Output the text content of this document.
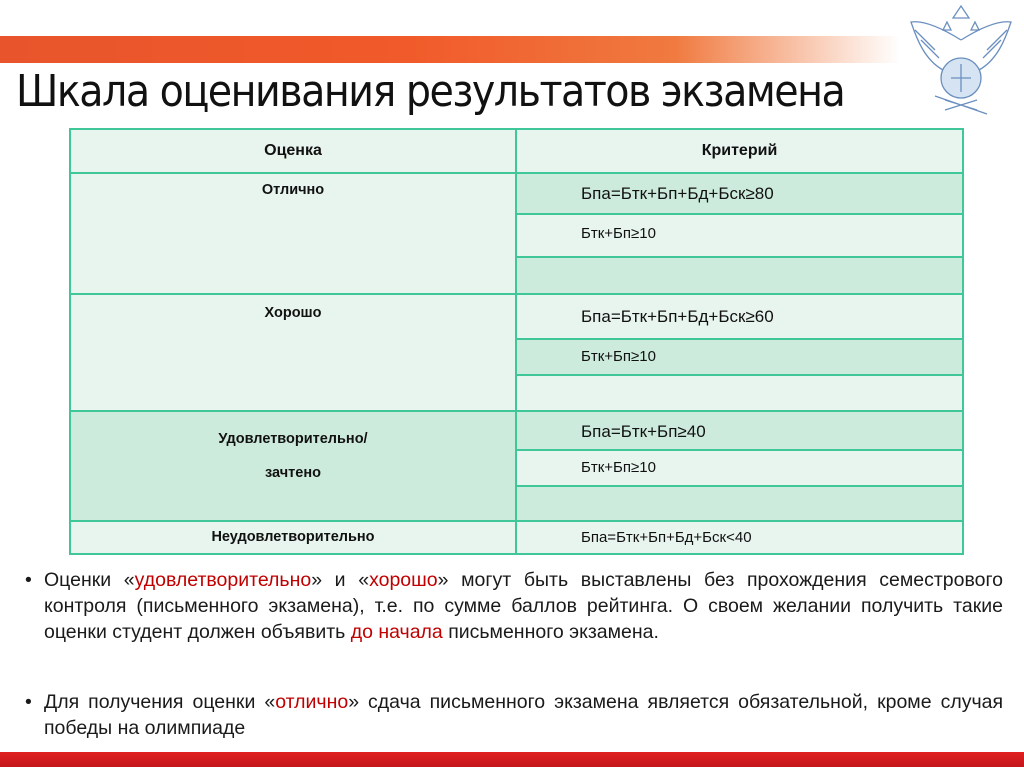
Шкала оценивания результатов экзамена
Оценка	Критерий
Отлично	Бпа=Бтк+Бп+Бд+Бск≥80
	Бтк+Бп≥10

Хорошо	Бпа=Бтк+Бп+Бд+Бск≥60
	Бтк+Бп≥10

Удовлетворительно/
зачтено	Бпа=Бтк+Бп≥40
	Бтк+Бп≥10

Неудовлетворительно	Бпа=Бтк+Бп+Бд+Бск<40
• Оценки «удовлетворительно» и «хорошо» могут быть выставлены без прохождения семестрового контроля (письменного экзамена), т.е. по сумме баллов рейтинга. О своем желании получить такие оценки студент должен объявить до начала письменного экзамена.

• Для получения оценки «отлично» сдача письменного экзамена является обязательной, кроме случая победы на олимпиаде
